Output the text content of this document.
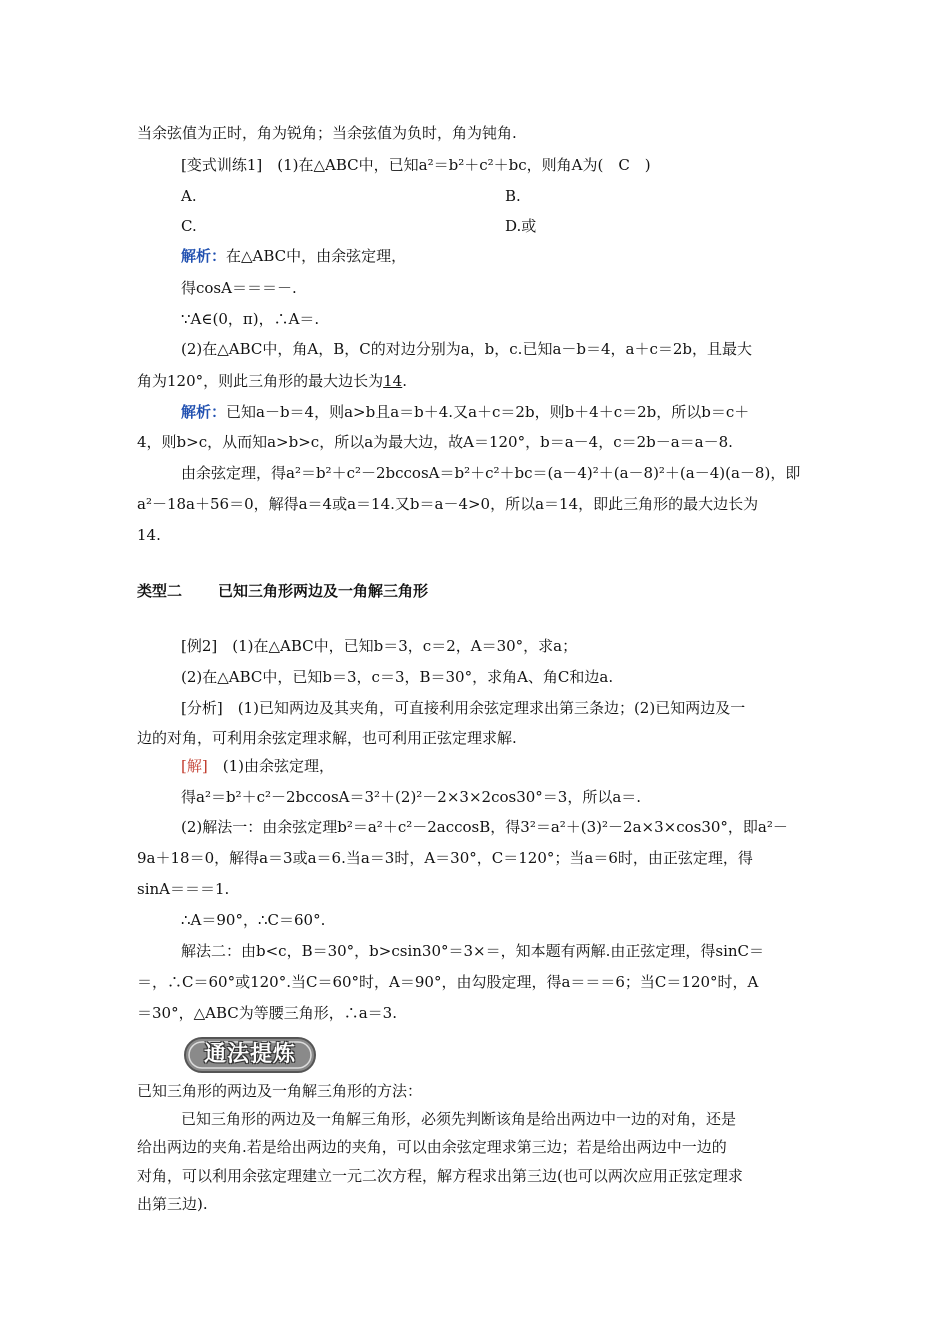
当余弦值为正时，角为锐角；当余弦值为负时，角为钝角.
[变式训练1]　(1)在△ABC中，已知a²＝b²＋c²＋bc，则角A为(　C　)
A.	B.
C.	D.或
解析：在△ABC中，由余弦定理，
得cosA＝＝＝－.
∵A∈(0，π)，∴A＝.
(2)在△ABC中，角A，B，C的对边分别为a，b，c.已知a－b＝4，a＋c＝2b，且最大
角为120°，则此三角形的最大边长为14.
解析：已知a－b＝4，则a>b且a＝b＋4.又a＋c＝2b，则b＋4＋c＝2b，所以b＝c＋
4，则b>c，从而知a>b>c，所以a为最大边，故A＝120°，b＝a－4，c＝2b－a＝a－8.
由余弦定理，得a²＝b²＋c²－2bccosA＝b²＋c²＋bc＝(a－4)²＋(a－8)²＋(a－4)(a－8)，即
a²－18a＋56＝0，解得a＝4或a＝14.又b＝a－4>0，所以a＝14，即此三角形的最大边长为
14.
类型二 已知三角形两边及一角解三角形
[例2]　(1)在△ABC中，已知b＝3，c＝2，A＝30°，求a；
(2)在△ABC中，已知b＝3，c＝3，B＝30°，求角A、角C和边a.
[分析]　(1)已知两边及其夹角，可直接利用余弦定理求出第三条边；(2)已知两边及一
边的对角，可利用余弦定理求解，也可利用正弦定理求解.
[解]　(1)由余弦定理，
得a²＝b²＋c²－2bccosA＝3²＋(2)²－2×3×2cos30°＝3，所以a＝.
(2)解法一：由余弦定理b²＝a²＋c²－2accosB，得3²＝a²＋(3)²－2a×3×cos30°，即a²－
9a＋18＝0，解得a＝3或a＝6.当a＝3时，A＝30°，C＝120°；当a＝6时，由正弦定理，得
sinA＝＝＝1.
∴A＝90°，∴C＝60°.
解法二：由b<c，B＝30°，b>csin30°＝3×＝，知本题有两解.由正弦定理，得sinC＝
＝，∴C＝60°或120°.当C＝60°时，A＝90°，由勾股定理，得a＝＝＝6；当C＝120°时，A
＝30°，△ABC为等腰三角形，∴a＝3.
通法提炼
已知三角形的两边及一角解三角形的方法：
已知三角形的两边及一角解三角形，必须先判断该角是给出两边中一边的对角，还是
给出两边的夹角.若是给出两边的夹角，可以由余弦定理求第三边；若是给出两边中一边的
对角，可以利用余弦定理建立一元二次方程，解方程求出第三边(也可以两次应用正弦定理求
出第三边).
